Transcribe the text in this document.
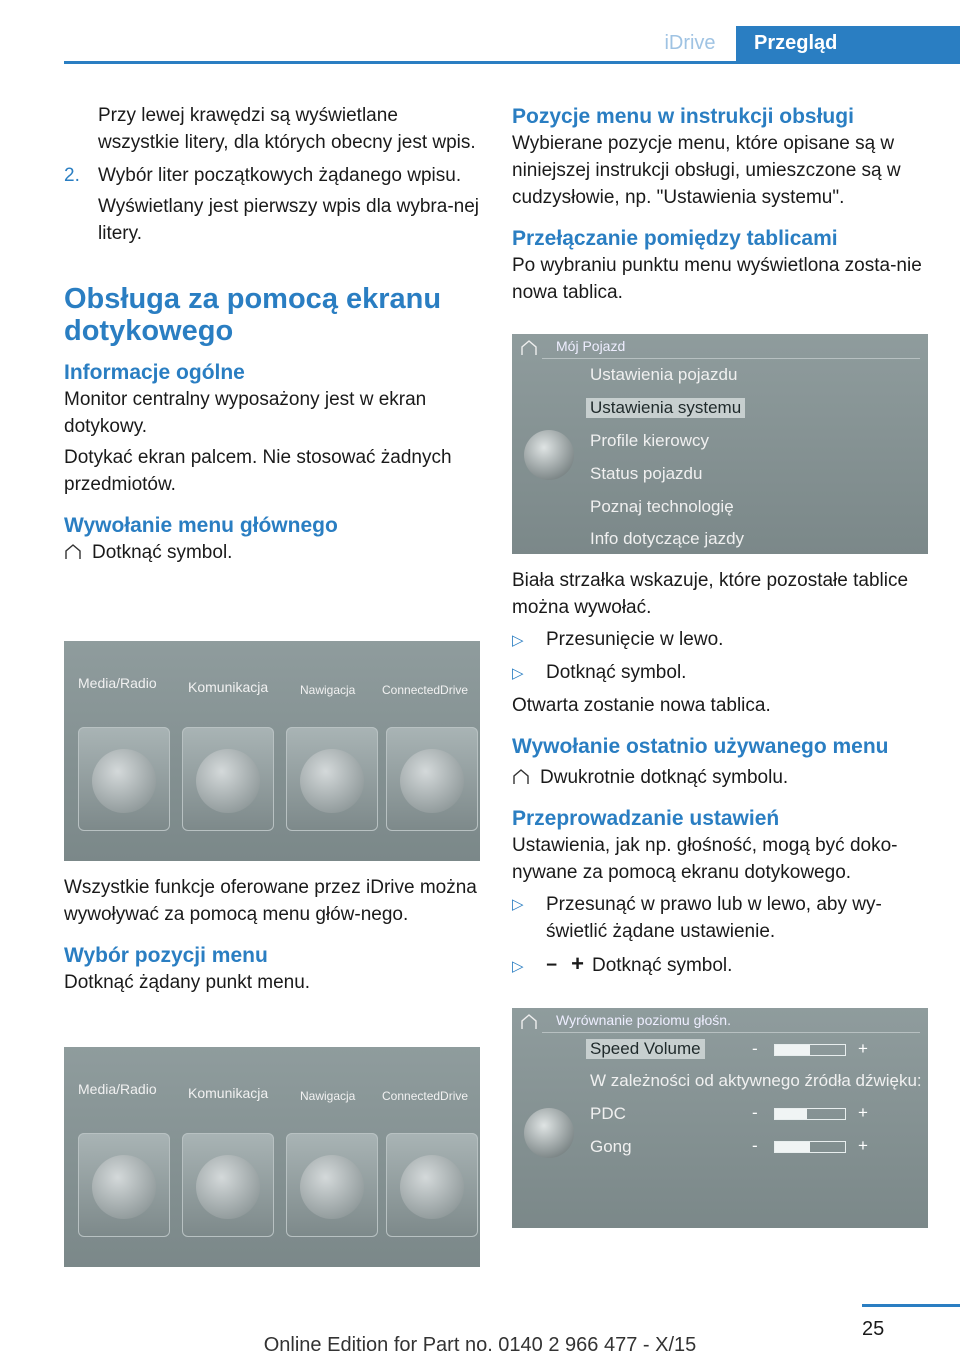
iDrive	Przegląd

Przy lewej krawędzi są wyświetlane wszystkie litery, dla których obecny jest wpis.

2. Wybór liter początkowych żądanego wpisu.

Wyświetlany jest pierwszy wpis dla wybra‐nej litery.

Obsługa za pomocą ekranu dotykowego
Informacje ogólne

Monitor centralny wyposażony jest w ekran dotykowy.

Dotykać ekran palcem. Nie stosować żadnych przedmiotów.

Wywołanie menu głównego

Dotknąć symbol.

Media/Radio Komunikacja	Nawigacja ConnectedDrive

Wszystkie funkcje oferowane przez iDrive można wywoływać za pomocą menu głów‐nego.

Wybór pozycji menu

Dotknąć żądany punkt menu.

Media/Radio Komunikacja	Nawigacja ConnectedDrive
Pozycje menu w instrukcji obsługi

Wybierane pozycje menu, które opisane są w niniejszej instrukcji obsługi, umieszczone są w cudzysłowie, np. "Ustawienia systemu".

Przełączanie pomiędzy tablicami

Po wybraniu punktu menu wyświetlona zosta‐nie nowa tablica.

Mój Pojazd
Ustawienia pojazdu
Ustawienia systemu
Profile kierowcy
Status pojazdu
Poznaj technologię
Info dotyczące jazdy

Biała strzałka wskazuje, które pozostałe tablice można wywołać.

▷ Przesunięcie w lewo.

▷ Dotknąć symbol.

Otwarta zostanie nowa tablica.

Wywołanie ostatnio używanego menu

Dwukrotnie dotknąć symbolu.

Przeprowadzanie ustawień

Ustawienia, jak np. głośność, mogą być doko‐nywane za pomocą ekranu dotykowego.

▷	Przesunąć w prawo lub w lewo, aby wy‐świetlić żądane ustawienie.

▷ − + Dotknąć symbol.

Wyrównanie poziomu głośn.
Speed Volume	-	+
W zależności od aktywnego źródła dźwięku:
PDC	-	+
Gong	-	+
25
Online Edition for Part no. 0140 2 966 477 - X/15
